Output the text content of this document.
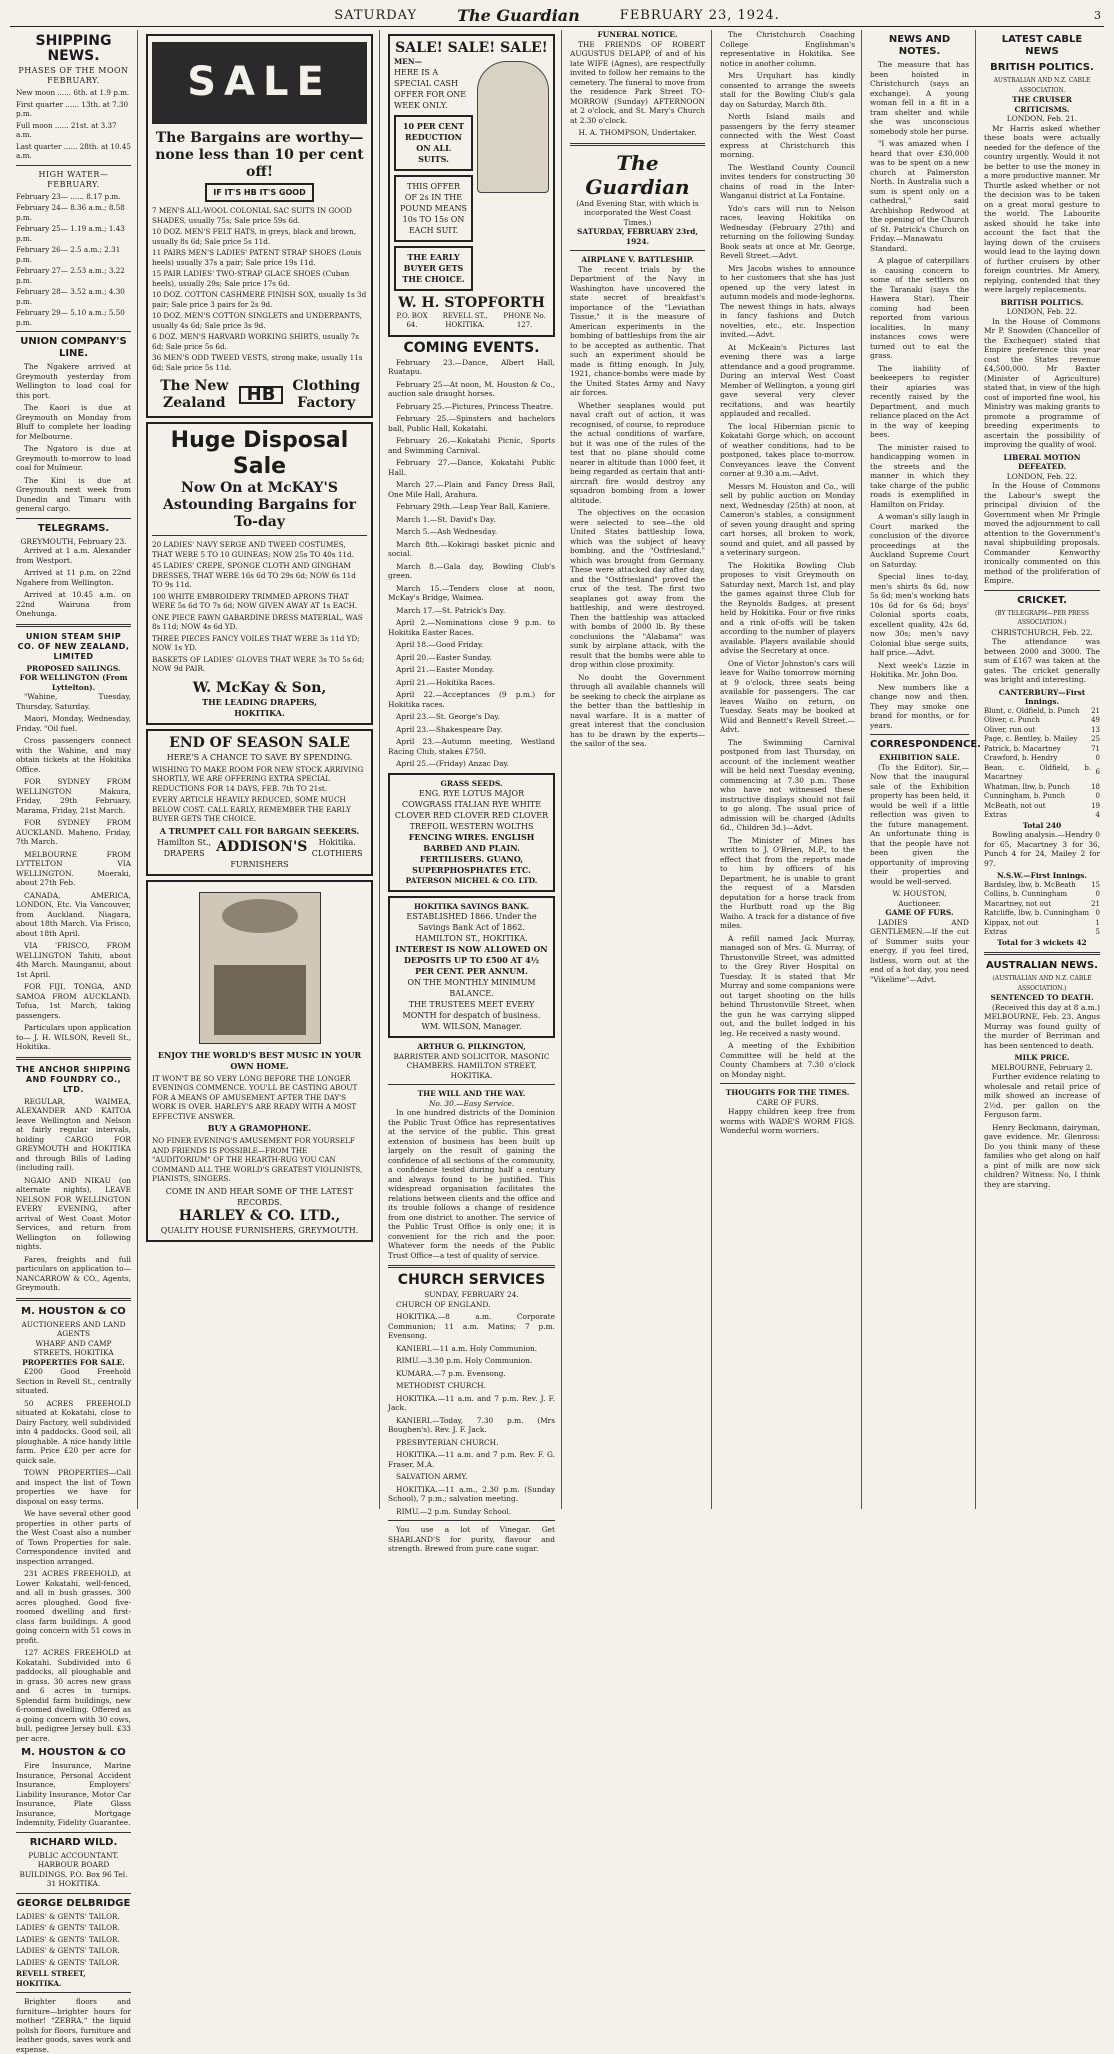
SATURDAY	The Guardian	FEBRUARY 23, 1924.	3
SHIPPING NEWS.
PHASES OF THE MOON FEBRUARY.
New moon ...... 6th. at 1.9 p.m.
First quarter ...... 13th. at 7.30 p.m.
Full moon ...... 21st. at 3.37 a.m.
Last quarter ...... 28th. at 10.45 a.m.
HIGH WATER—FEBRUARY.
February 23— ...... 8.17 p.m.
February 24— 8.36 a.m.; 8.58 p.m.
February 25— 1.19 a.m.; 1.43 p.m.
February 26— 2.5 a.m.; 2.31 p.m.
February 27— 2.53 a.m.; 3.22 p.m.
February 28— 3.52 a.m.; 4.30 p.m.
February 29— 5.10 a.m.; 5.50 p.m.
UNION COMPANY'S LINE.

The Ngakere arrived at Greymouth yesterday from Wellington to load coal for this port.

The Kaori is due at Greymouth on Monday from Bluff to complete her loading for Melbourne.

The Ngatoro is due at Greymouth to-morrow to load coal for Mulmeur.

The Kini is due at Greymouth next week from Dunedin and Timaru with general cargo.

TELEGRAMS.
GREYMOUTH, February 23.

Arrived at 1 a.m. Alexander from Westport.

Arrived at 11 p.m. on 22nd Ngahere from Wellington.

Arrived at 10.45 a.m. on 22nd Wairuna from Onehunga.

UNION STEAM SHIP CO. OF NEW ZEALAND, LIMITED
PROPOSED SAILINGS.
FOR WELLINGTON (From Lyttelton).

"Wahine, Tuesday, Thursday, Saturday.

Maori, Monday, Wednesday, Friday. "Oil fuel.

Cross passengers connect with the Wahine, and may obtain tickets at the Hokitika Office.

FOR SYDNEY FROM WELLINGTON Makura, Friday, 29th February. Marama, Friday, 21st March.

FOR SYDNEY FROM AUCKLAND. Maheno, Friday, 7th March.

MELBOURNE FROM LYTTELTON VIA WELLINGTON. Moeraki, about 27th Feb.

CANADA, AMERICA, LONDON, Etc. Via Vancouver, from Auckland. Niagara, about 18th March. Via Frisco, about 18th April.

VIA 'FRISCO, FROM WELLINGTON Tahiti, about 4th March. Maunganui, about 1st April.

FOR FIJI, TONGA, AND SAMOA FROM AUCKLAND. Tofua, 1st March, taking passengers.

Particulars upon application to— J. H. WILSON, Revell St., Hokitika.

THE ANCHOR SHIPPING AND FOUNDRY CO., LTD.

REGULAR, WAIMEA, ALEXANDER AND KAITOA leave Wellington and Nelson at fairly regular intervals, holding CARGO FOR GREYMOUTH and HOKITIKA and through Bills of Lading (including rail).

NGAIO AND NIKAU (on alternate nights), LEAVE NELSON FOR WELLINGTON EVERY EVENING, after arrival of West Coast Motor Services, and return from Wellington on following nights.

Fares, freights and full particulars on application to— NANCARROW & CO., Agents, Greymouth.

M. HOUSTON & CO
AUCTIONEERS AND LAND AGENTS
WHARF AND CAMP STREETS, HOKITIKA
PROPERTIES FOR SALE.

£200 Good Freehold Section in Revell St., centrally situated.

50 ACRES FREEHOLD situated at Kokatahi, close to Dairy Factory, well subdivided into 4 paddocks. Good soil, all ploughable. A nice handy little farm. Price £20 per acre for quick sale.

TOWN PROPERTIES—Call and inspect the list of Town properties we have for disposal on easy terms.

We have several other good properties in other parts of the West Coast also a number of Town Properties for sale. Correspondence invited and inspection arranged.

231 ACRES FREEHOLD, at Lower Kokatahi, well-fenced, and all in bush grasses. 300 acres ploughed. Good five-roomed dwelling and first-class farm buildings. A good going concern with 51 cows in profit.

127 ACRES FREEHOLD at Kokatahi. Subdivided into 6 paddocks, all ploughable and in grass. 30 acres new grass and 6 acres in turnips. Splendid farm buildings, new 6-roomed dwelling. Offered as a going concern with 30 cows, bull, pedigree Jersey bull. £33 per acre.

M. HOUSTON & CO

Fire Insurance, Marine Insurance, Personal Accident Insurance, Employers' Liability Insurance, Motor Car Insurance, Plate Glass Insurance, Mortgage Indemnity, Fidelity Guarantee.

RICHARD WILD.
PUBLIC ACCOUNTANT. HARBOUR BOARD BUILDINGS, P.O. Box 96 Tel. 31 HOKITIKA.
GEORGE DELBRIDGE
LADIES' & GENTS' TAILOR.
LADIES' & GENTS' TAILOR.
LADIES' & GENTS' TAILOR.
LADIES' & GENTS' TAILOR.
LADIES' & GENTS' TAILOR.
REVELL STREET, HOKITIKA.

Brighter floors and furniture—brighter hours for mother! "ZEBRA," the liquid polish for floors, furniture and leather goods, saves work and expense.

SALE
The Bargains are worthy—none less than 10 per cent off!
IF IT'S HB IT'S GOOD
7 MEN'S ALL-WOOL COLONIAL SAC SUITS IN GOOD SHADES, usually 75s; Sale price 59s 6d.
10 DOZ. MEN'S FELT HATS, in greys, black and brown, usually 8s 6d; Sale price 5s 11d.
11 PAIRS MEN'S LADIES' PATENT STRAP SHOES (Louis heels) usually 37s a pair; Sale price 19s 11d.
15 PAIR LADIES' TWO-STRAP GLACE SHOES (Cuban heels), usually 29s; Sale price 17s 6d.
10 DOZ. COTTON CASHMERE FINISH SOX, usually 1s 3d pair; Sale price 3 pairs for 2s 9d.
10 DOZ. MEN'S COTTON SINGLETS and UNDERPANTS, usually 4s 6d; Sale price 3s 9d.
6 DOZ. MEN'S HARVARD WORKING SHIRTS, usually 7s 6d; Sale price 5s 6d.
36 MEN'S ODD TWEED VESTS, strong make, usually 11s 6d; Sale price 5s 11d.
The New Zealand	HB	Clothing Factory
Huge Disposal
Sale
Now On at McKAY'S
Astounding Bargains for To-day
20 LADIES' NAVY SERGE AND TWEED COSTUMES, THAT WERE 5 TO 10 GUINEAS; NOW 25s TO 40s 11d.
45 LADIES' CREPE, SPONGE CLOTH AND GINGHAM DRESSES, THAT WERE 16s 6d TO 29s 6d; NOW 6s 11d TO 9s 11d.
100 WHITE EMBROIDERY TRIMMED APRONS THAT WERE 5s 6d TO 7s 6d; NOW GIVEN AWAY AT 1s EACH.
ONE PIECE FAWN GABARDINE DRESS MATERIAL, WAS 8s 11d; NOW 4s 6d YD.
THREE PIECES FANCY VOILES THAT WERE 3s 11d YD; NOW 1s YD.
BASKETS OF LADIES' GLOVES THAT WERE 3s TO 5s 6d; NOW 9d PAIR.
W. McKay & Son,
THE LEADING DRAPERS,
HOKITIKA.
END OF SEASON SALE
HERE'S A CHANCE TO SAVE BY SPENDING.
WISHING TO MAKE ROOM FOR NEW STOCK ARRIVING SHORTLY, WE ARE OFFERING EXTRA SPECIAL REDUCTIONS FOR 14 DAYS, FEB. 7th TO 21st.
EVERY ARTICLE HEAVILY REDUCED, SOME MUCH BELOW COST. CALL EARLY, REMEMBER THE EARLY BUYER GETS THE CHOICE.
A TRUMPET CALL FOR BARGAIN SEEKERS.
Hamilton St., DRAPERS ADDISON'S	Hokitika. CLOTHIERS
FURNISHERS
ENJOY THE WORLD'S BEST MUSIC IN YOUR OWN HOME.
IT WON'T BE SO VERY LONG BEFORE THE LONGER EVENINGS COMMENCE. YOU'LL BE CASTING ABOUT FOR A MEANS OF AMUSEMENT AFTER THE DAY'S WORK IS OVER. HARLEY'S ARE READY WITH A MOST EFFECTIVE ANSWER.
BUY A GRAMOPHONE.
NO FINER EVENING'S AMUSEMENT FOR YOURSELF AND FRIENDS IS POSSIBLE—FROM THE "AUDITORIUM" OF THE HEARTH-RUG YOU CAN COMMAND ALL THE WORLD'S GREATEST VIOLINISTS, PIANISTS, SINGERS.
COME IN AND HEAR SOME OF THE LATEST RECORDS.
HARLEY & CO. LTD.,
QUALITY HOUSE FURNISHERS, GREYMOUTH.
SALE! SALE! SALE!
MEN—
HERE IS A SPECIAL CASH OFFER FOR ONE WEEK ONLY.
10 PER CENT REDUCTION ON ALL SUITS.
THIS OFFER OF 2s IN THE POUND MEANS 10s TO 15s ON EACH SUIT.
THE EARLY BUYER GETS THE CHOICE.
W. H. STOPFORTH
P.O. BOX 64.
REVELL ST., HOKITIKA.
PHONE No. 127.
COMING EVENTS.

February 23.—Dance, Albert Hall, Ruatapu.

February 25—At noon, M. Houston & Co., auction sale draught horses.

February 25.—Pictures, Princess Theatre.

February 25.—Spinsters and bachelors ball, Public Hall, Kokatahi.

February 26.—Kokatahi Picnic, Sports and Swimming Carnival.

February 27.—Dance, Kokatahi Public Hall.

March 27.—Plain and Fancy Dress Ball, One Mile Hall, Arahura.

February 29th.—Leap Year Ball, Kaniere.

March 1.—St. David's Day.

March 5.—Ash Wednesday.

March 8th.—Kokiragi basket picnic and social.

March 8.—Gala day, Bowling Club's green.

March 15.—Tenders close at noon, McKay's Bridge, Waimea.

March 17.—St. Patrick's Day.

April 2.—Nominations close 9 p.m. to Hokitika Easter Races.

April 18.—Good Friday.

April 20.—Easter Sunday.

April 21.—Easter Monday.

April 21.—Hokitika Races.

April 22.—Acceptances (9 p.m.) for Hokitika races.

April 23.—St. George's Day.

April 23.—Shakespeare Day.

April 23.—Autumn meeting, Westland Racing Club, stakes £750.

April 25.—(Friday) Anzac Day.

GRASS SEEDS.
ENG. RYE LOTUS MAJOR COWGRASS ITALIAN RYE WHITE CLOVER RED CLOVER RED CLOVER TREFOIL WESTERN WOLTHS
FENCING WIRES. ENGLISH BARBED AND PLAIN. FERTILISERS. GUANO, SUPERPHOSPHATES ETC.
PATERSON MICHEL & CO. LTD.
HOKITIKA SAVINGS BANK.
ESTABLISHED 1866. Under the Savings Bank Act of 1862. HAMILTON ST., HOKITIKA.
INTEREST IS NOW ALLOWED ON DEPOSITS UP TO £500 AT 4½ PER CENT. PER ANNUM.
ON THE MONTHLY MINIMUM BALANCE.
THE TRUSTEES MEET EVERY MONTH for despatch of business. WM. WILSON, Manager.
ARTHUR G. PILKINGTON,
BARRISTER AND SOLICITOR. MASONIC CHAMBERS. HAMILTON STREET, HOKITIKA.
THE WILL AND THE WAY.
No. 30.—Easy Service.

In one hundred districts of the Dominion the Public Trust Office has representatives at the service of the public. This great extension of business has been built up largely on the result of gaining the confidence of all sections of the community, a confidence tested during half a century and always found to be justified. This widespread organisation facilitates the relations between clients and the office and its trouble follows a change of residence from one district to another. The service of the Public Trust Office is only one; it is convenient for the rich and the poor. Whatever form the needs of the Public Trust Office—a test of quality of service.

CHURCH SERVICES
SUNDAY, FEBRUARY 24.

CHURCH OF ENGLAND.

HOKITIKA.—8 a.m. Corporate Communion; 11 a.m. Matins; 7 p.m. Evensong.

KANIERI.—11 a.m. Holy Communion.

RIMU.—3.30 p.m. Holy Communion.

KUMARA.—7 p.m. Evensong.

METHODIST CHURCH.

HOKITIKA.—11 a.m. and 7 p.m. Rev. J. F. Jack.

KANIERI.—Today, 7.30 p.m. (Mrs Boughen's). Rev. J. F. Jack.

PRESBYTERIAN CHURCH.

HOKITIKA.—11 a.m. and 7 p.m. Rev. F. G. Fraser, M.A.

SALVATION ARMY.

HOKITIKA.—11 a.m., 2.30 p.m. (Sunday School), 7 p.m.; salvation meeting.

RIMU.—2 p.m. Sunday School.

You use a lot of Vinegar. Get SHARLAND'S for purity, flavour and strength. Brewed from pure cane sugar.

FUNERAL NOTICE.

THE FRIENDS OF ROBERT AUGUSTUS DELAPP, of and of his late WIFE (Agnes), are respectfully invited to follow her remains to the cemetery. The funeral to move from the residence Park Street TO-MORROW (Sunday) AFTERNOON at 2 o'clock, and St. Mary's Church at 2.30 o'clock.

H. A. THOMPSON, Undertaker.
The Guardian
(And Evening Star, with which is incorporated the West Coast Times.)
SATURDAY, FEBRUARY 23rd, 1924.
AIRPLANE V. BATTLESHIP.

The recent trials by the Department of the Navy in Washington have uncovered the state secret of breakfast's importance of the "Leviathan Tissue," it is the measure of American experiments in the bombing of battleships from the air to be accepted as authentic. That such an experiment should be made is fitting enough. In July, 1921, chance-bombs were made by the United States Army and Navy air forces.

Whether seaplanes would put naval craft out of action, it was recognised, of course, to reproduce the actual conditions of warfare, but it was one of the rules of the test that no plane should come nearer in altitude than 1000 feet, it being regarded as certain that anti-aircraft fire would destroy any squadron bombing from a lower altitude.

The objectives on the occasion were selected to see—the old United States battleship Iowa, which was the subject of heavy bombing, and the "Ostfriesland," which was brought from Germany. These were attacked day after day, and the "Ostfriesland" proved the crux of the test. The first two seaplanes got away from the battleship, and were destroyed. Then the battleship was attacked with bombs of 2000 lb. By these conclusions the "Alabama" was sunk by airplane attack, with the result that the bombs were able to drop within close proximity.

No doubt the Government through all available channels will be seeking to check the airplane as the better than the battleship in naval warfare. It is a matter of great interest that the conclusion has to be drawn by the experts—the sailor of the sea.

The Christchurch Coaching College Englishman's representative in Hokitika. See notice in another column.

Mrs Urquhart has kindly consented to arrange the sweets stall for the Bowling Club's gala day on Saturday, March 8th.

North Island mails and passengers by the ferry steamer connected with the West Coast express at Christchurch this morning.

The Westland County Council invites tenders for constructing 30 chains of road in the Inter-Wanganui district at La Fontaine.

Ydo's cars will run to Nelson races, leaving Hokitika on Wednesday (February 27th) and returning on the following Sunday. Book seats at once at Mr. George, Revell Street.—Advt.

Mrs Jacobs wishes to announce to her customers that she has just opened up the very latest in autumn models and mode-leghorns. The newest things in hats, always in fancy fashions and Dutch novelties, etc., etc. Inspection invited.—Advt.

At McKeain's Pictures last evening there was a large attendance and a good programme. During an interval West Coast Member of Wellington, a young girl gave several very clever recitations, and was heartily applauded and recalled.

The local Hibernian picnic to Kokatahi Gorge which, on account of weather conditions, had to be postponed, takes place to-morrow. Conveyances leave the Convent corner at 9.30 a.m.—Advt.

Messrs M. Houston and Co., will sell by public auction on Monday next, Wednesday (25th) at noon, at Cameron's stables, a consignment of seven young draught and spring cart horses, all broken to work, sound and quiet, and all passed by a veterinary surgeon.

The Hokitika Bowling Club proposes to visit Greymouth on Saturday next, March 1st, and play the games against three Club for the Reynolds Badges, at present held by Hokitika. Four or five rinks and a rink of-offs will be taken according to the number of players available. Players available should advise the Secretary at once.

One of Victor Johnston's cars will leave for Waiho tomorrow morning at 9 o'clock, three seats being available for passengers. The car leaves Waiho on return, on Tuesday. Seats may be booked at Wild and Bennett's Revell Street.—Advt.

The Swimming Carnival postponed from last Thursday, on account of the inclement weather will be held next Tuesday evening, commencing at 7.30 p.m. Those who have not witnessed these instructive displays should not fail to go along. The usual price of admission will be charged (Adults 6d., Children 3d.)—Advt.

The Minister of Mines has written to J. O'Brien, M.P., to the effect that from the reports made to him by officers of his Department, he is unable to grant the request of a Marsden deputation for a horse track from the Hurlbutt road up the Big Waiho. A track for a distance of five miles.

A refill named Jack Murray, managed son of Mrs. G. Murray, of Thrustonville Street, was admitted to the Grey River Hospital on Tuesday. It is stated that Mr Murray and some companions were out target shooting on the hills behind Thrustonville Street, when the gun he was carrying slipped out, and the bullet lodged in his leg. He received a nasty wound.

A meeting of the Exhibition Committee will be held at the County Chambers at 7.30 o'clock on Monday night.

THOUGHTS FOR THE TIMES.
CARE OF FURS.

Happy children keep free from worms with WADE'S WORM FIGS. Wonderful worm worriers.

NEWS AND NOTES.

The measure that has been hoisted in Christchurch (says an exchange). A young woman fell in a fit in a tram shelter and while she was unconscious somebody stole her purse.

"I was amazed when I heard that over £30,000 was to be spent on a new church at Palmerston North. In Australia such a sum is spent only on a cathedral," said Archbishop Redwood at the opening of the Church of St. Patrick's Church on Friday.—Manawatu Standard.

A plague of caterpillars is causing concern to some of the settlers on the Taranaki (says the Hawera Star). Their coming had been reported from various localities. In many instances cows were turned out to eat the grass.

The liability of beekeepers to register their apiaries was recently raised by the Department, and much reliance placed on the Act in the way of keeping bees.

The minister raised to handicapping women in the streets and the manner in which they take charge of the public roads is exemplified in Hamilton on Friday.

A woman's silly laugh in Court marked the conclusion of the divorce proceedings at the Auckland Supreme Court on Saturday.

Special lines to-day, men's shirts 8s 6d, now 5s 6d; men's working hats 10s 6d for 6s 6d; boys' Colonial sports coats, excellent quality, 42s 6d, now 30s; men's navy Colonial blue serge suits, half price.—Advt.

Next week's Lizzie in Hokitika. Mr. John Doo.

New numbers like a change now and then. They may smoke one brand for months, or for years.

CORRESPONDENCE.
EXHIBITION SALE.

(To the Editor). Sir,—Now that the inaugural sale of the Exhibition property has been held, it would be well if a little reflection was given to the future management. An unfortunate thing is that the people have not been given the opportunity of improving their properties and would be well-served.

W. HOUSTON, Auctioneer.
GAME OF FURS.

LADIES AND GENTLEMEN.—If the cut of Summer suits your energy, if you feel tired, listless, worn out at the end of a hot day, you need "Vikelime"—Advt.

LATEST CABLE NEWS
BRITISH POLITICS.
AUSTRALIAN AND N.Z. CABLE ASSOCIATION.
THE CRUISER CRITICISMS.
LONDON, Feb. 21.

Mr Harris asked whether these boats were actually needed for the defence of the country urgently. Would it not be better to use the money in a more productive manner. Mr Thurtle asked whether or not the decision was to be taken on a great moral gesture to the world. The Labourite asked should he take into account the fact that the laying down of the cruisers would lead to the laying down of further cruisers by other foreign countries. Mr Amery, replying, contended that they were largely replacements.

BRITISH POLITICS.
LONDON, Feb. 22.

In the House of Commons Mr P. Snowden (Chancellor of the Exchequer) stated that Empire preference this year cost the States revenue £4,500,000. Mr Baxter (Minister of Agriculture) stated that, in view of the high cost of imported fine wool, his Ministry was making grants to promote a programme of breeding experiments to ascertain the possibility of improving the quality of wool.

LIBERAL MOTION DEFEATED.
LONDON, Feb. 22.

In the House of Commons the Labour's swept the principal division of the Government when Mr Pringle moved the adjournment to call attention to the Government's naval shipbuilding proposals. Commander Kenworthy ironically commented on this method of the proliferation of Empire.

CRICKET.
(BY TELEGRAPH—PER PRESS ASSOCIATION.)
CHRISTCHURCH, Feb. 22.

The attendance was between 2000 and 3000. The sum of £167 was taken at the gates. The cricket generally was bright and interesting.

CANTERBURY—First Innings.
Blunt, c. Oldfield, b. Punch	21
Oliver, c. Punch	49
Oliver, run out	13
Page, c. Bentley, b. Mailey	25
Patrick, b. Macartney	71
Crawford, b. Hendry	0
Bean, c. Oldfield, b. Macartney	6
Whatman, lbw, b. Punch	18
Cunningham, b. Punch	0
McBeath, not out	19
Extras	4
Total 240

Bowling analysis.—Hendry 0 for 65, Macartney 3 for 36, Punch 4 for 24, Mailey 2 for 97.

N.S.W.—First Innings.
Bardsley, lbw, b. McBeath	15
Collins, b. Cunningham	0
Macartney, not out	21
Ratcliffe, lbw, b. Cunningham	0
Kippax, not out	1
Extras	5
Total for 3 wickets 42
AUSTRALIAN NEWS.
(AUSTRALIAN AND N.Z. CABLE ASSOCIATION.)
SENTENCED TO DEATH.

(Received this day at 8 a.m.) MELBOURNE, Feb. 23. Angus Murray was found guilty of the murder of Berriman and has been sentenced to death.

MILK PRICE.
MELBOURNE, February 2.

Further evidence relating to wholesale and retail price of milk showed an increase of 2½d. per gallon on the Ferguson farm.

Henry Beckmann, dairyman, gave evidence. Mr. Glenross: Do you think many of these families who get along on half a pint of milk are now sick children? Witness: No, I think they are starving.
